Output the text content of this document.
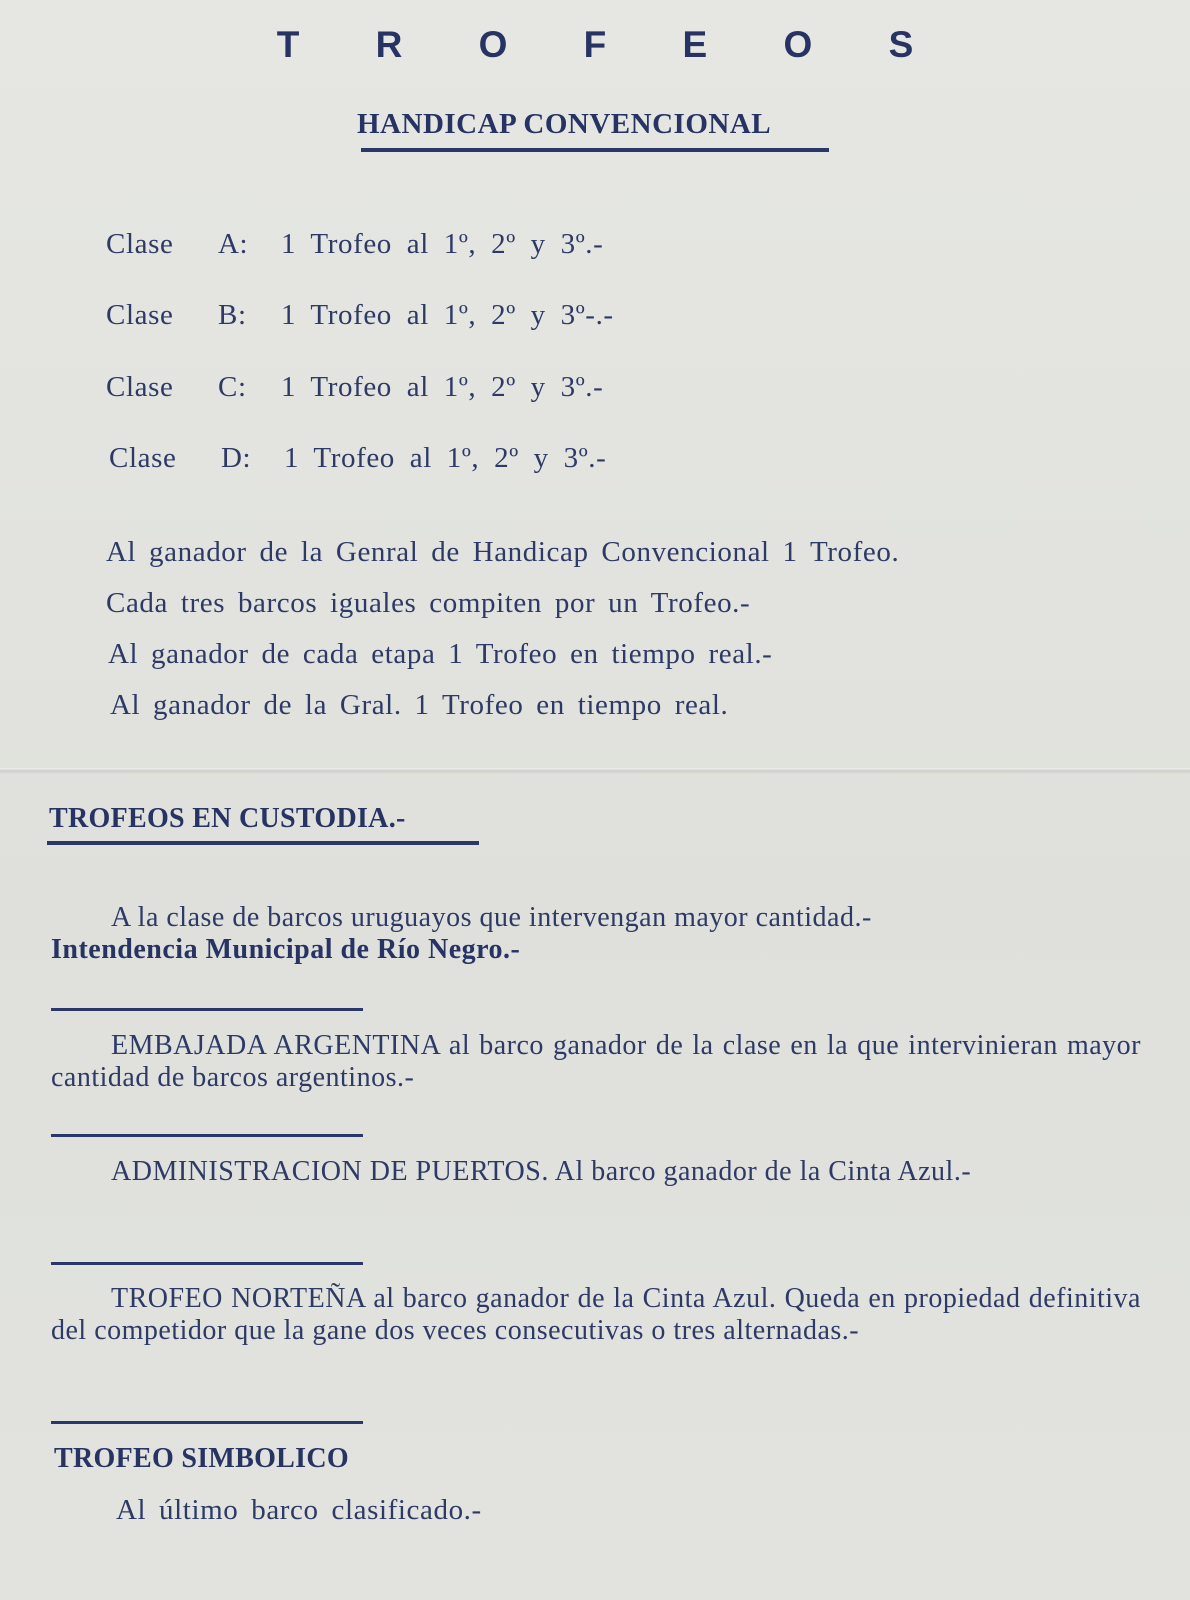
T R O F E O S
HANDICAP CONVENCIONAL
Clase A: 1 Trofeo al 1º, 2º y 3º.-
Clase B: 1 Trofeo al 1º, 2º y 3º-.-
Clase C: 1 Trofeo al 1º, 2º y 3º.-
Clase D: 1 Trofeo al 1º, 2º y 3º.-
Al ganador de la Genral de Handicap Convencional 1 Trofeo.
Cada tres barcos iguales compiten por un Trofeo.-
Al ganador de cada etapa 1 Trofeo en tiempo real.-
Al ganador de la Gral. 1 Trofeo en tiempo real.
TROFEOS EN CUSTODIA.-

A la clase de barcos uruguayos que intervengan mayor cantidad.-

Intendencia Municipal de Río Negro.-

EMBAJADA ARGENTINA al barco ganador de la clase en la que intervinieran mayor cantidad de barcos argentinos.-

ADMINISTRACION DE PUERTOS. Al barco ganador de la Cinta Azul.-

TROFEO NORTEÑA al barco ganador de la Cinta Azul. Queda en propiedad definitiva del competidor que la gane dos veces consecutivas o tres alternadas.-

TROFEO SIMBOLICO
Al último barco clasificado.-
